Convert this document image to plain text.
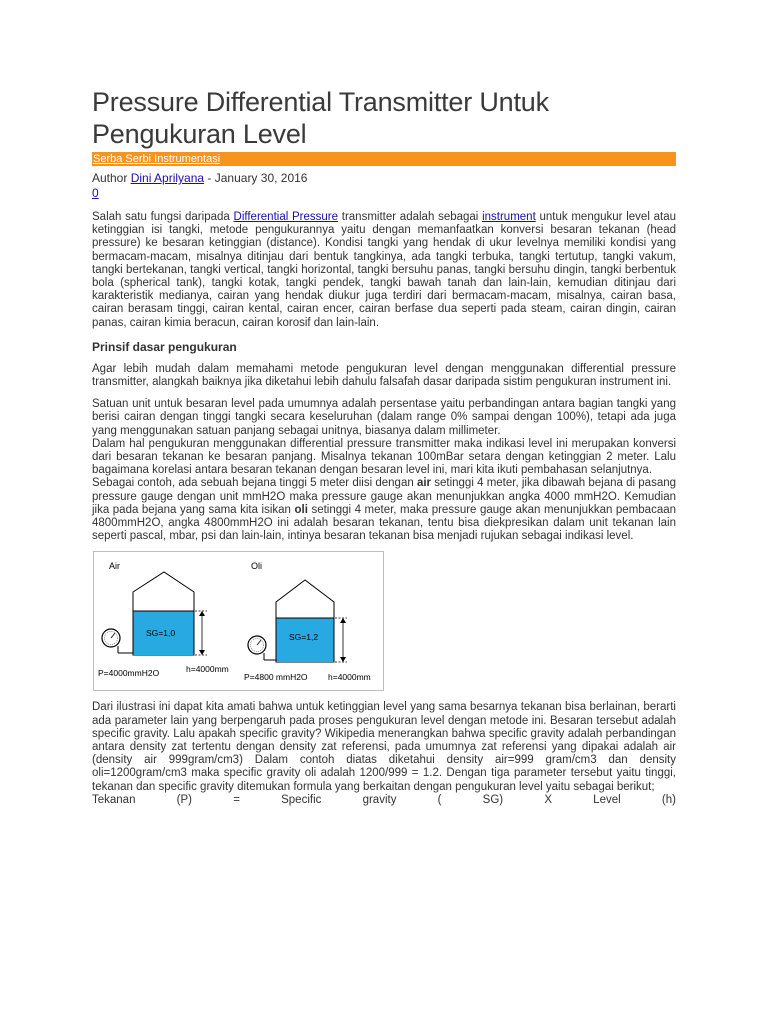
Pressure Differential Transmitter Untuk Pengukuran Level
Serba Serbi Instrumentasi
Author Dini Aprilyana - January 30, 2016
0

Salah satu fungsi daripada Differential Pressure transmitter adalah sebagai instrument untuk mengukur level atau ketinggian isi tangki, metode pengukurannya yaitu dengan memanfaatkan konversi besaran tekanan (head pressure) ke besaran ketinggian (distance). Kondisi tangki yang hendak di ukur levelnya memiliki kondisi yang bermacam-macam, misalnya ditinjau dari bentuk tangkinya, ada tangki terbuka, tangki tertutup, tangki vakum, tangki bertekanan, tangki vertical, tangki horizontal, tangki bersuhu panas, tangki bersuhu dingin, tangki berbentuk bola (spherical tank), tangki kotak, tangki pendek, tangki bawah tanah dan lain-lain, kemudian ditinjau dari karakteristik medianya, cairan yang hendak diukur juga terdiri dari bermacam-macam, misalnya, cairan basa, cairan berasam tinggi, cairan kental, cairan encer, cairan berfase dua seperti pada steam, cairan dingin, cairan panas, cairan kimia beracun, cairan korosif dan lain-lain.

Prinsif dasar pengukuran

Agar lebih mudah dalam memahami metode pengukuran level dengan menggunakan differential pressure transmitter, alangkah baiknya jika diketahui lebih dahulu falsafah dasar daripada sistim pengukuran instrument ini.

Satuan unit untuk besaran level pada umumnya adalah persentase yaitu perbandingan antara bagian tangki yang berisi cairan dengan tinggi tangki secara keseluruhan (dalam range 0% sampai dengan 100%), tetapi ada juga yang menggunakan satuan panjang sebagai unitnya, biasanya dalam millimeter.
Dalam hal pengukuran menggunakan differential pressure transmitter maka indikasi level ini merupakan konversi dari besaran tekanan ke besaran panjang. Misalnya tekanan 100mBar setara dengan ketinggian 2 meter. Lalu bagaimana korelasi antara besaran tekanan dengan besaran level ini, mari kita ikuti pembahasan selanjutnya.
Sebagai contoh, ada sebuah bejana tinggi 5 meter diisi dengan air setinggi 4 meter, jika dibawah bejana di pasang pressure gauge dengan unit mmH2O maka pressure gauge akan menunjukkan angka 4000 mmH2O. Kemudian jika pada bejana yang sama kita isikan oli setinggi 4 meter, maka pressure gauge akan menunjukkan pembacaan 4800mmH2O, angka 4800mmH2O ini adalah besaran tekanan, tentu bisa diekpresikan dalam unit tekanan lain seperti pascal, mbar, psi dan lain-lain, intinya besaran tekanan bisa menjadi rujukan sebagai indikasi level.

Air
SG=1,0
P=4000mmH2O	h=4000mm
Oli
SG=1,2
P=4800 mmH2O h=4000mm

Dari ilustrasi ini dapat kita amati bahwa untuk ketinggian level yang sama besarnya tekanan bisa berlainan, berarti ada parameter lain yang berpengaruh pada proses pengukuran level dengan metode ini. Besaran tersebut adalah specific gravity. Lalu apakah specific gravity? Wikipedia menerangkan bahwa specific gravity adalah perbandingan antara density zat tertentu dengan density zat referensi, pada umumnya zat referensi yang dipakai adalah air (density air 999gram/cm3) Dalam contoh diatas diketahui density air=999 gram/cm3 dan density oli=1200gram/cm3 maka specific gravity oli adalah 1200/999 = 1.2. Dengan tiga parameter tersebut yaitu tinggi, tekanan dan specific gravity ditemukan formula yang berkaitan dengan pengukuran level yaitu sebagai berikut;

Tekanan	(P)	=	Specific	gravity	(	SG)	X	Level	(h)
